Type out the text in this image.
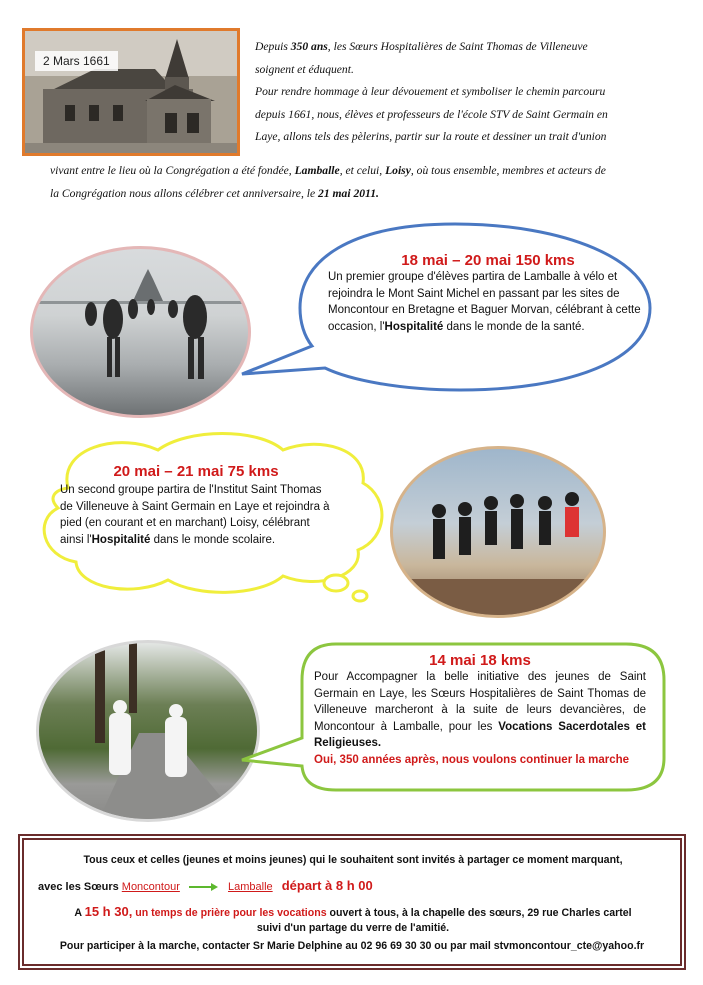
2 Mars 1661
Depuis 350 ans, les Sœurs Hospitalières de Saint Thomas de Villeneuve
soignent et éduquent.
Pour rendre hommage à leur dévouement et symboliser le chemin parcouru
depuis 1661, nous, élèves et professeurs de l'école STV de Saint Germain en
Laye, allons tels des pèlerins, partir sur la route et dessiner un trait d'union
vivant entre le lieu où la Congrégation a été fondée, Lamballe, et celui, Loisy, où tous ensemble, membres et acteurs de
la Congrégation nous allons célébrer cet anniversaire, le 21 mai 2011.
18 mai – 20 mai 150 kms
Un premier groupe d'élèves partira de Lamballe à vélo et rejoindra le Mont Saint Michel en passant par les sites de Moncontour en Bretagne et Baguer Morvan, célébrant à cette occasion, l'Hospitalité dans le monde de la santé.
20 mai – 21 mai 75 kms
Un second groupe partira de l'Institut Saint Thomas de Villeneuve à Saint Germain en Laye et rejoindra à pied (en courant et en marchant) Loisy, célébrant ainsi l'Hospitalité dans le monde scolaire.
14 mai 18 kms
Pour Accompagner la belle initiative des jeunes de Saint Germain en Laye, les Sœurs Hospitalières de Saint Thomas de Villeneuve marcheront à la suite de leurs devancières, de Moncontour à Lamballe, pour les Vocations Sacerdotales et Religieuses.
Oui, 350 années après, nous voulons continuer la marche
Tous ceux et celles (jeunes et moins jeunes) qui le souhaitent sont invités à partager ce moment marquant,
avec les Sœurs Moncontour	Lamballe départ à 8 h 00
A 15 h 30, un temps de prière pour les vocations ouvert à tous, à la chapelle des sœurs, 29 rue Charles cartel
suivi d'un partage du verre de l'amitié.
Pour participer à la marche, contacter Sr Marie Delphine au 02 96 69 30 30 ou par mail stvmoncontour_cte@yahoo.fr
